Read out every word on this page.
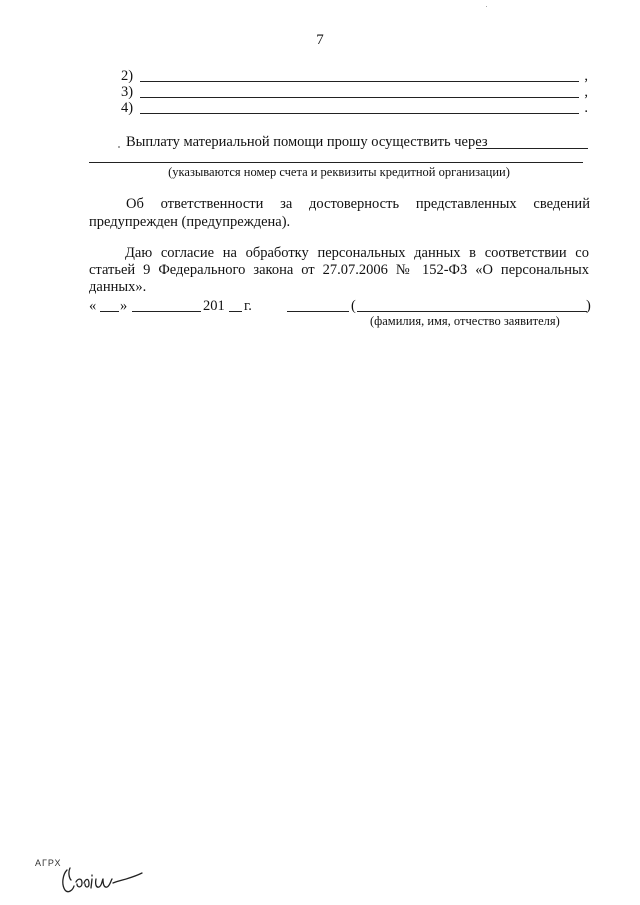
7
2)	,
3)	,
4)	.
Выплату материальной помощи прошу осуществить через
(указываются номер счета и реквизиты кредитной организации)
Об ответственности за достоверность представленных сведений
предупрежден (предупреждена).
Даю согласие на обработку персональных данных в соответствии со статьей 9 Федерального закона от 27.07.2006 № 152-ФЗ «О персональных данных».
« »	201 г.	(	)
(фамилия, имя, отчество заявителя)
АГРХ
